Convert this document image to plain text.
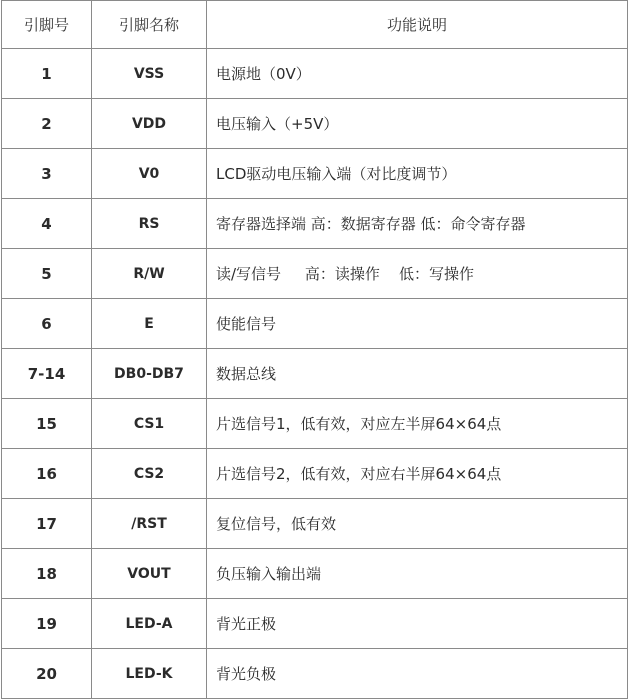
引脚号	引脚名称	功能说明
1	VSS	电源地（0V）
2	VDD	电压输入（+5V）
3	V0	LCD驱动电压输入端（对比度调节）
4	RS	寄存器选择端 高：数据寄存器 低：命令寄存器
5	R/W	读/写信号     高：读操作    低：写操作
6	E	使能信号
7-14	DB0-DB7	数据总线
15	CS1	片选信号1，低有效，对应左半屏64×64点
16	CS2	片选信号2，低有效，对应右半屏64×64点
17	/RST	复位信号，低有效
18	VOUT	负压输入输出端
19	LED-A	背光正极
20	LED-K	背光负极
